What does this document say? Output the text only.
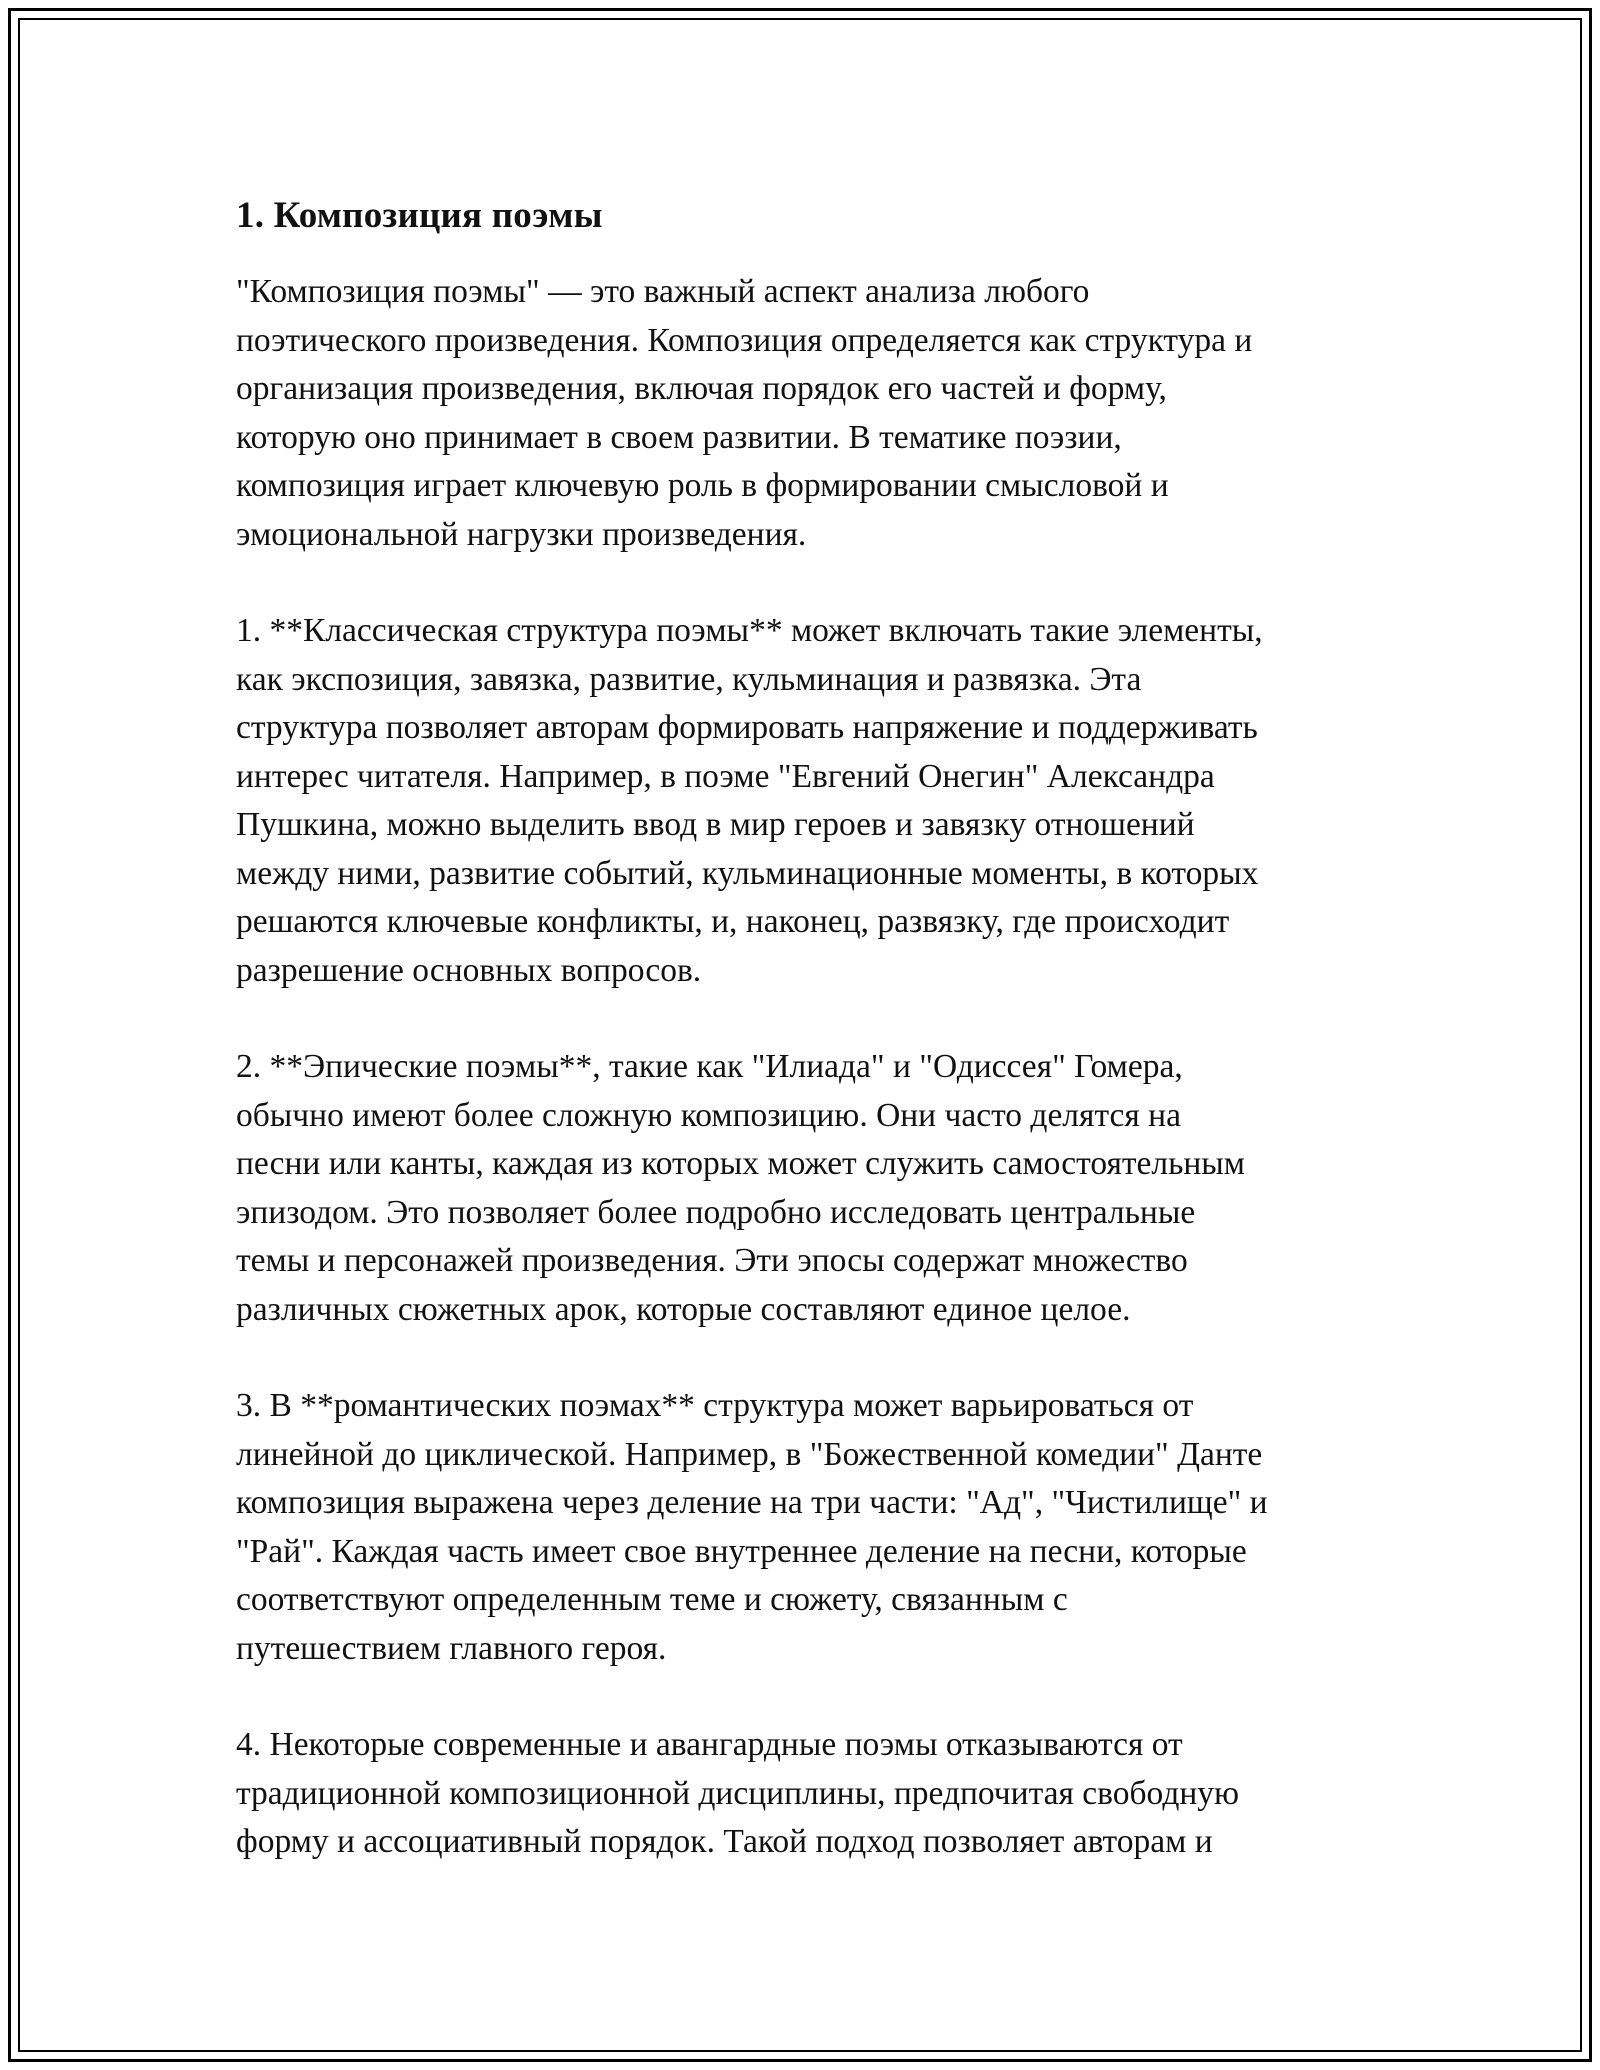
1. Композиция поэмы

"Композиция поэмы" — это важный аспект анализа любого
поэтического произведения. Композиция определяется как структура и
организация произведения, включая порядок его частей и форму,
которую оно принимает в своем развитии. В тематике поэзии,
композиция играет ключевую роль в формировании смысловой и
эмоциональной нагрузки произведения.

1. **Классическая структура поэмы** может включать такие элементы,
как экспозиция, завязка, развитие, кульминация и развязка. Эта
структура позволяет авторам формировать напряжение и поддерживать
интерес читателя. Например, в поэме "Евгений Онегин" Александра
Пушкина, можно выделить ввод в мир героев и завязку отношений
между ними, развитие событий, кульминационные моменты, в которых
решаются ключевые конфликты, и, наконец, развязку, где происходит
разрешение основных вопросов.

2. **Эпические поэмы**, такие как "Илиада" и "Одиссея" Гомера,
обычно имеют более сложную композицию. Они часто делятся на
песни или канты, каждая из которых может служить самостоятельным
эпизодом. Это позволяет более подробно исследовать центральные
темы и персонажей произведения. Эти эпосы содержат множество
различных сюжетных арок, которые составляют единое целое.

3. В **романтических поэмах** структура может варьироваться от
линейной до циклической. Например, в "Божественной комедии" Данте
композиция выражена через деление на три части: "Ад", "Чистилище" и
"Рай". Каждая часть имеет свое внутреннее деление на песни, которые
соответствуют определенным теме и сюжету, связанным с
путешествием главного героя.

4. Некоторые современные и авангардные поэмы отказываются от
традиционной композиционной дисциплины, предпочитая свободную
форму и ассоциативный порядок. Такой подход позволяет авторам и
